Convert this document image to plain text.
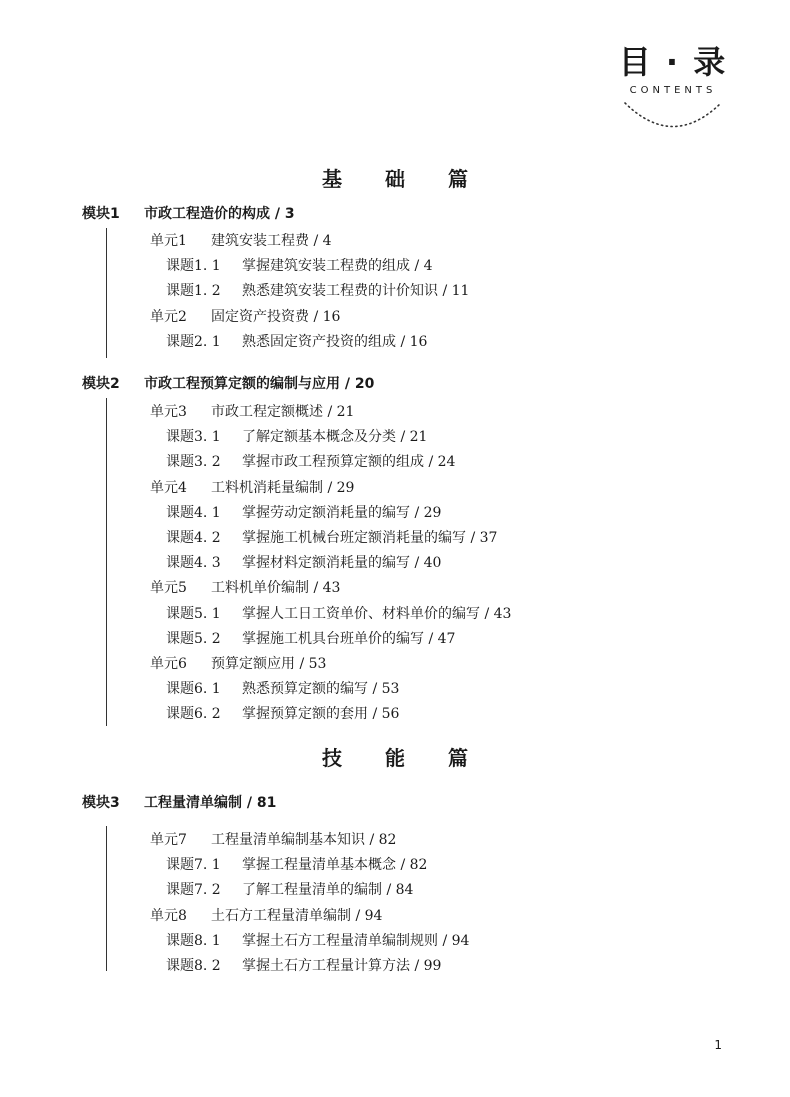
目 · 录
CONTENTS
基 础 篇
模块1 市政工程造价的构成 / 3
单元1 建筑安装工程费 / 4
课题1. 1 掌握建筑安装工程费的组成 / 4
课题1. 2 熟悉建筑安装工程费的计价知识 / 11
单元2 固定资产投资费 / 16
课题2. 1 熟悉固定资产投资的组成 / 16
模块2 市政工程预算定额的编制与应用 / 20
单元3 市政工程定额概述 / 21
课题3. 1 了解定额基本概念及分类 / 21
课题3. 2 掌握市政工程预算定额的组成 / 24
单元4 工料机消耗量编制 / 29
课题4. 1 掌握劳动定额消耗量的编写 / 29
课题4. 2 掌握施工机械台班定额消耗量的编写 / 37
课题4. 3 掌握材料定额消耗量的编写 / 40
单元5 工料机单价编制 / 43
课题5. 1 掌握人工日工资单价、材料单价的编写 / 43
课题5. 2 掌握施工机具台班单价的编写 / 47
单元6 预算定额应用 / 53
课题6. 1 熟悉预算定额的编写 / 53
课题6. 2 掌握预算定额的套用 / 56
技 能 篇
模块3 工程量清单编制 / 81
单元7 工程量清单编制基本知识 / 82
课题7. 1 掌握工程量清单基本概念 / 82
课题7. 2 了解工程量清单的编制 / 84
单元8 土石方工程量清单编制 / 94
课题8. 1 掌握土石方工程量清单编制规则 / 94
课题8. 2 掌握土石方工程量计算方法 / 99
1
